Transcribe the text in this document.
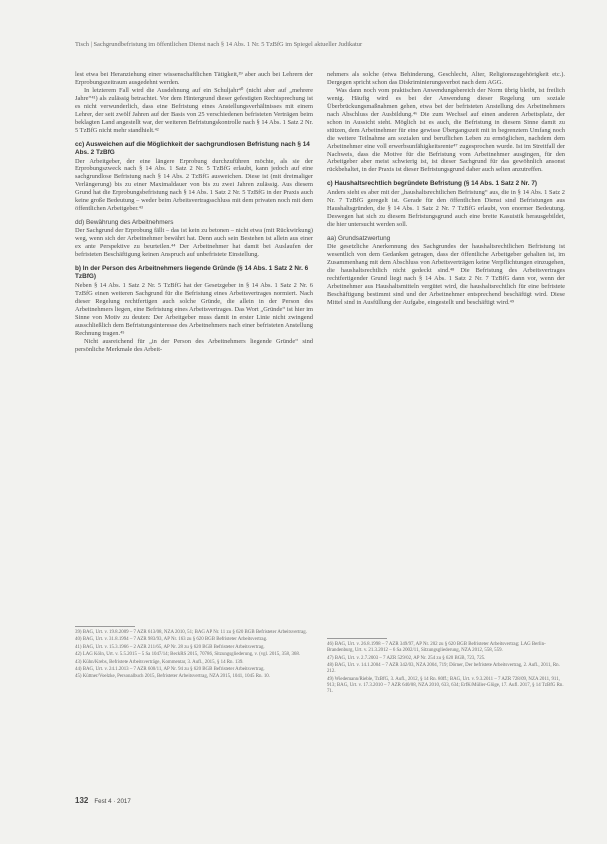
Tisch | Sachgrundbefristung im öffentlichen Dienst nach § 14 Abs. 1 Nr. 5 TzBfG im Spiegel aktueller Judikatur

lest etwa bei Heranziehung einer wissenschaftlichen Tätigkeit,³⁹ aber auch bei Lehrern der Erprobungszeitraum ausgedehnt werden.

In letzterem Fall wird die Ausdehnung auf ein Schuljahr⁴⁰ (nicht aber auf „mehrere Jahre“⁴¹) als zulässig betrachtet. Vor dem Hintergrund dieser gefestigten Rechtsprechung ist es nicht verwunderlich, dass eine Befristung eines Anstellungsverhältnisses mit einem Lehrer, der seit zwölf Jahren auf der Basis von 25 verschiedenen befristeten Verträgen beim beklagten Land angestellt war, der weiteren Befristungskontrolle nach § 14 Abs. 1 Satz 2 Nr. 5 TzBfG nicht mehr standhielt.⁴²

cc) Ausweichen auf die Möglichkeit der sachgrundlosen Befristung nach § 14 Abs. 2 TzBfG

Der Arbeitgeber, der eine längere Erprobung durchzuführen möchte, als sie der Erprobungszweck nach § 14 Abs. 1 Satz 2 Nr. 5 TzBfG erlaubt, kann jedoch auf eine sachgrundlose Befristung nach § 14 Abs. 2 TzBfG ausweichen. Diese ist (mit dreimaliger Verlängerung) bis zu einer Maximaldauer von bis zu zwei Jahren zulässig. Aus diesem Grund hat die Erprobungsbefristung nach § 14 Abs. 1 Satz 2 Nr. 5 TzBfG in der Praxis auch keine große Bedeutung – weder beim Arbeitsvertragsschluss mit dem privaten noch mit dem öffentlichen Arbeitgeber.⁴³

dd) Bewährung des Arbeitnehmers

Der Sachgrund der Erprobung fällt – das ist kein zu betonen – nicht etwa (mit Rückwirkung) weg, wenn sich der Arbeitnehmer bewährt hat. Denn auch sein Bestehen ist allein aus einer ex ante Perspektive zu beurteilen.⁴⁴ Der Arbeitnehmer hat damit bei Auslaufen der befristeten Beschäftigung keinen Anspruch auf unbefristete Einstellung.

b) In der Person des Arbeitnehmers liegende Gründe (§ 14 Abs. 1 Satz 2 Nr. 6 TzBfG)

Neben § 14 Abs. 1 Satz 2 Nr. 5 TzBfG hat der Gesetzgeber in § 14 Abs. 1 Satz 2 Nr. 6 TzBfG einen weiteren Sachgrund für die Befristung eines Arbeitsvertrages normiert. Nach dieser Regelung rechtfertigen auch solche Gründe, die allein in der Person des Arbeitnehmers liegen, eine Befristung eines Arbeitsvertrages. Das Wort „Gründe“ ist hier im Sinne von Motiv zu deuten: Der Arbeitgeber muss damit in erster Linie nicht zwingend ausschließlich dem Befristungsinteresse des Arbeitnehmers nach einer befristeten Anstellung Rechnung tragen.⁴⁵

Nicht ausreichend für „in der Person des Arbeitnehmers liegende Gründe“ sind persönliche Merkmale des Arbeit-

nehmers als solche (etwa Behinderung, Geschlecht, Alter, Religionszugehörigkeit etc.). Dergegen spricht schon das Diskriminierungsverbot nach dem AGG.

Was dann noch vom praktischen Anwendungsbereich der Norm übrig bleibt, ist freilich wenig. Häufig wird es bei der Anwendung dieser Regelung um soziale Überbrückungsmaßnahmen gehen, etwa bei der befristeten Anstellung des Arbeitnehmers nach Abschluss der Ausbildung.⁴⁶ Die zum Wechsel auf einen anderen Arbeitsplatz, der schon in Aussicht steht. Möglich ist es auch, die Befristung in diesem Sinne damit zu stützen, dem Arbeitnehmer für eine gewisse Übergangszeit mit in begrenztem Umfang noch die weitere Teilnahme am sozialen und beruflichen Leben zu ermöglichen, nachdem dem Arbeitnehmer eine voll erwerbsunfähigkeitsrente⁴⁷ zugesprochen wurde. Ist im Streitfall der Nachweis, dass die Motive für die Befristung vom Arbeitnehmer ausgingen, für den Arbeitgeber aber meist schwierig ist, ist dieser Sachgrund für das gewöhnlich ansonst rückbehaltet, in der Praxis ist dieser Befristungsgrund daher auch selten anzutreffen.

c) Haushaltsrechtlich begründete Befristung (§ 14 Abs. 1 Satz 2 Nr. 7)

Anders sieht es aber mit der „haushaltsrechtlichen Befristung“ aus, die in § 14 Abs. 1 Satz 2 Nr. 7 TzBfG geregelt ist. Gerade für den öffentlichen Dienst sind Befristungen aus Haushaltsgründen, die § 14 Abs. 1 Satz 2 Nr. 7 TzBfG erlaubt, von enormer Bedeutung. Deswegen hat sich zu diesem Befristungsgrund auch eine breite Kasuistik herausgebildet, die hier untersucht werden soll.

aa) Grundsatzwertung

Die gesetzliche Anerkennung des Sachgrundes der haushaltsrechtlichen Befristung ist wesentlich von dem Gedanken getragen, dass der öffentliche Arbeitgeber gehalten ist, im Zusammenhang mit dem Abschluss von Arbeitsverträgen keine Verpflichtungen einzugehen, die haushaltsrechtlich nicht gedeckt sind.⁴⁸ Die Befristung des Arbeitsvertrages rechtfertigender Grund liegt nach § 14 Abs. 1 Satz 2 Nr. 7 TzBfG dann vor, wenn der Arbeitnehmer aus Haushaltsmitteln vergütet wird, die haushaltsrechtlich für eine befristete Beschäftigung bestimmt sind und der Arbeitnehmer entsprechend beschäftigt wird. Diese Mittel sind in Ausfüllung der Aufgabe, eingestellt und beschäftigt wird.⁴⁹

39) BAG, Urt. v. 19.8.2009 – 7 AZR 613/08, NZA 2010, 51; BAG AP Nr. 11 zu § 620 BGB Befristeter Arbeitsvertrag.

40) BAG, Urt. v. 31.8.1994 – 7 AZR 983/93, AP Nr. 163 zu § 620 BGB Befristeter Arbeitsvertrag.

41) BAG, Urt. v. 15.3.1966 – 2 AZR 211/65, AP Nr. 28 zu § 620 BGB Befristeter Arbeitsvertrag.

42) LAG Köln, Urt. v. 5.5.2015 – 5 Sa 1047/14; BeckRS 2015, 70786, Sitzungsgliederung, v. (vgl. 2015, 358, 368.

43) Kühn/Krebs, Befristete Arbeitsverträge, Kommentar, 3. Aufl., 2015, § 14 Rn. 139.

44) BAG, Urt. v. 24.1.2013 – 7 AZR 600/11, AP Nr. 94 zu § 620 BGB Befristeter Arbeitsvertrag.

45) Küttner/Voelzke, Personalbuch 2015, Befristeter Arbeitsvertrag, NZA 2015, 1041, 1045 Rn. 10.

46) BAG, Urt. v. 26.8.1998 – 7 AZR 349/97, AP Nr. 202 zu § 620 BGB Befristeter Arbeitsvertrag; LAG Berlin-Brandenburg, Urt. v. 21.3.2012 – 6 Sa 2002/11, Sitzungsgliederung, NZA 2012, 558, 559.

47) BAG, Urt. v. 2.7.2003 – 7 AZR 529/02, AP Nr. 254 zu § 620 BGB, 723, 725.

48) BAG, Urt. v. 14.1.2004 – 7 AZR 342/03, NZA 2004, 719; Dörner, Der befristete Arbeitsvertrag, 2. Aufl., 2011, Rn. 212.

49) Wiedemann/Rieble, TzBfG, 3. Aufl., 2012, § 14 Rn. 80ff.; BAG, Urt. v. 9.3.2011 – 7 AZR 728/09, NZA 2011, 911, 913; BAG, Urt. v. 17.3.2010 – 7 AZR 640/08, NZA 2010, 633, 634; ErfK/Müller-Glöge, 17. Aufl. 2017, § 14 TzBfG Rn. 71.

132 Fest 4 · 2017
